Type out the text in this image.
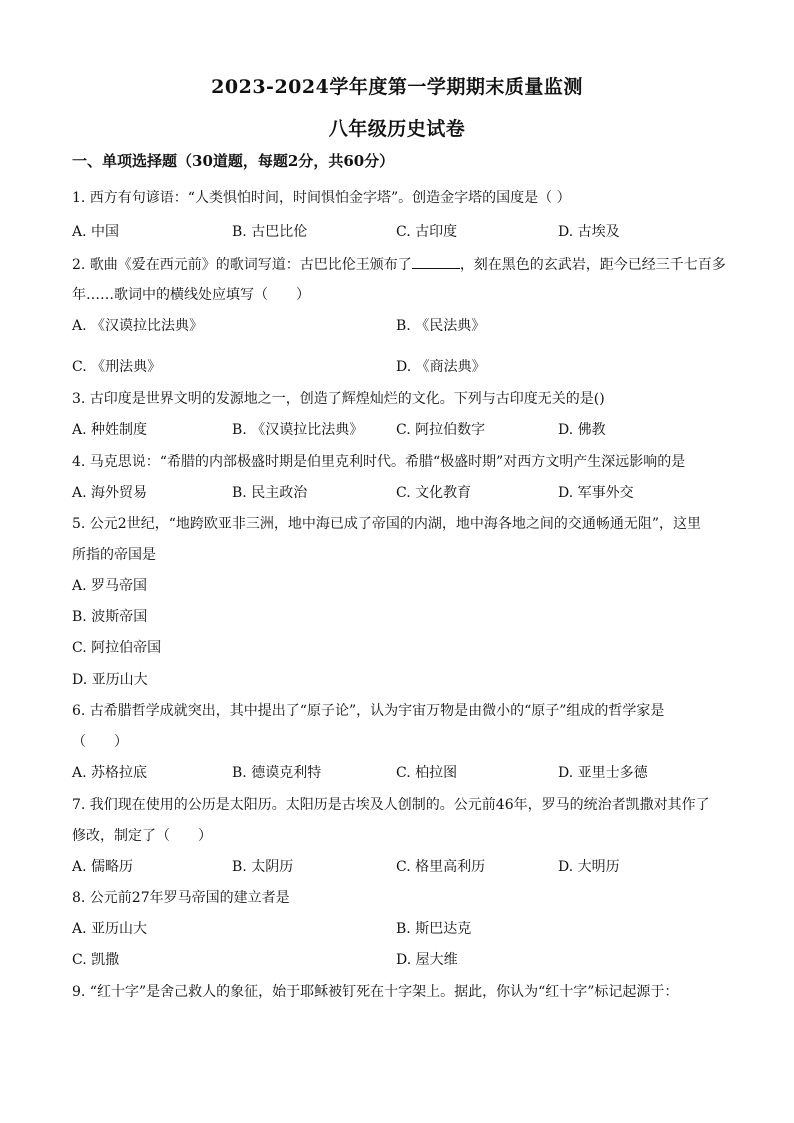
2023-2024学年度第一学期期末质量监测
八年级历史试卷
一、单项选择题（30道题，每题2分，共60分）
1. 西方有句谚语：“人类惧怕时间，时间惧怕金字塔”。创造金字塔的国度是（ ）
A. 中国	B. 古巴比伦	C. 古印度	D. 古埃及
2. 歌曲《爱在西元前》的歌词写道：古巴比伦王颁布了	，刻在黑色的玄武岩，距今已经三千七百多
年……歌词中的横线处应填写（　　）
A. 《汉谟拉比法典》	B. 《民法典》
C. 《刑法典》	D. 《商法典》
3. 古印度是世界文明的发源地之一，创造了辉煌灿烂的文化。下列与古印度无关的是()
A. 种姓制度	B. 《汉谟拉比法典》 C. 阿拉伯数字	D. 佛教
4. 马克思说：“希腊的内部极盛时期是伯里克利时代。希腊“极盛时期”对西方文明产生深远影响的是
A. 海外贸易	B. 民主政治	C. 文化教育	D. 军事外交
5. 公元2世纪，“地跨欧亚非三洲，地中海已成了帝国的内湖，地中海各地之间的交通畅通无阻”，这里
所指的帝国是
A. 罗马帝国
B. 波斯帝国
C. 阿拉伯帝国
D. 亚历山大
6. 古希腊哲学成就突出，其中提出了“原子论”，认为宇宙万物是由微小的“原子”组成的哲学家是
（　　）
A. 苏格拉底	B. 德谟克利特	C. 柏拉图	D. 亚里士多德
7. 我们现在使用的公历是太阳历。太阳历是古埃及人创制的。公元前46年，罗马的统治者凯撒对其作了
修改，制定了（　　）
A. 儒略历	B. 太阴历	C. 格里高利历	D. 大明历
8. 公元前27年罗马帝国的建立者是
A. 亚历山大	B. 斯巴达克
C. 凯撒	D. 屋大维
9. “红十字”是舍己救人的象征，始于耶稣被钉死在十字架上。据此，你认为“红十字”标记起源于：
